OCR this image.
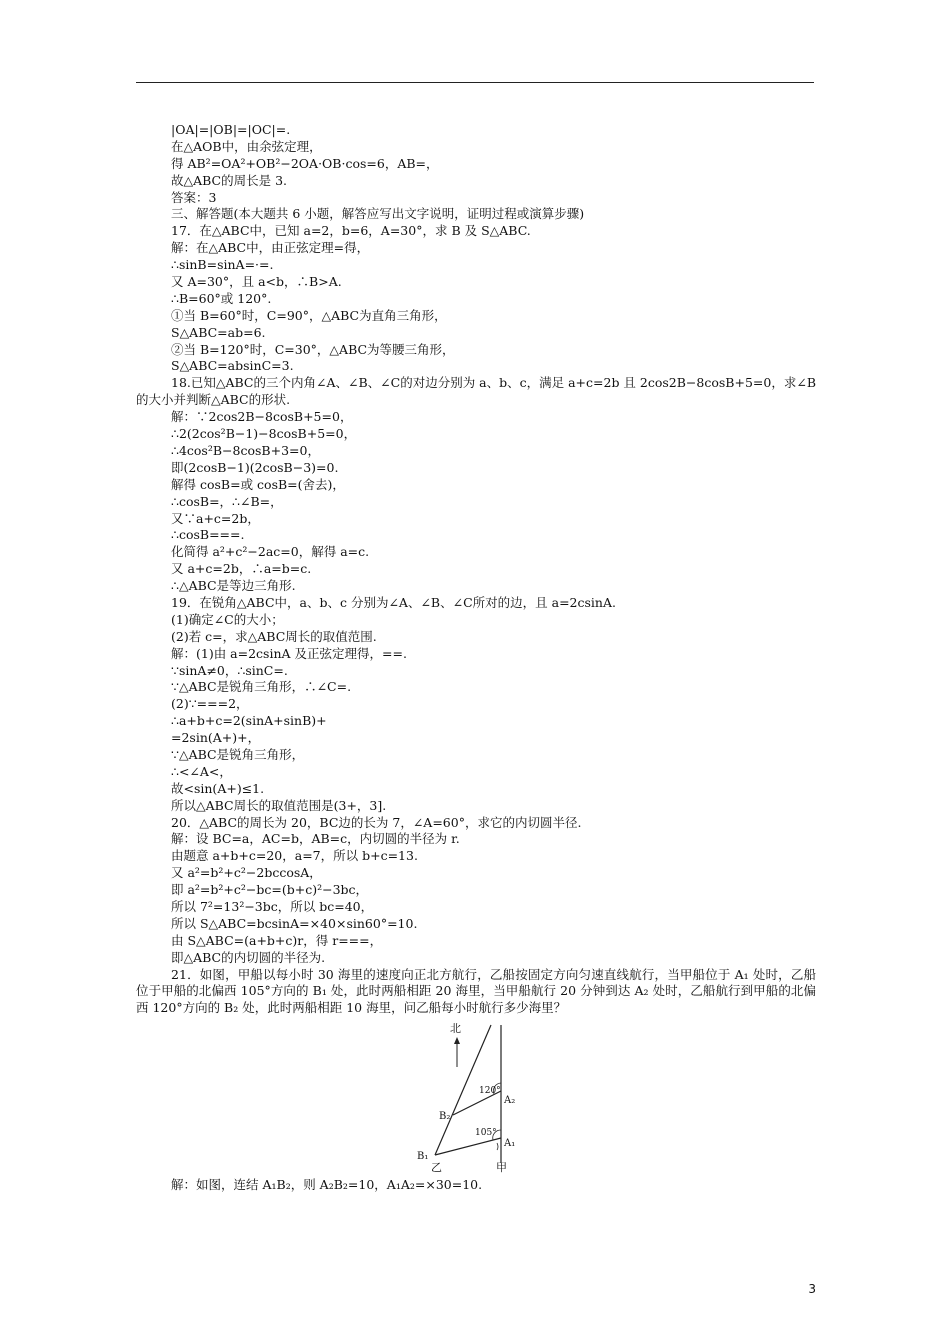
|OA|=|OB|=|OC|=.
在△AOB中，由余弦定理，
得 AB²=OA²+OB²−2OA·OB·cos=6，AB=，
故△ABC的周长是 3.
答案：3
三、解答题(本大题共 6 小题，解答应写出文字说明，证明过程或演算步骤)
17．在△ABC中，已知 a=2，b=6，A=30°，求 B 及 S△ABC.
解：在△ABC中，由正弦定理=得，
∴sinB=sinA=·=.
又 A=30°，且 a<b，∴B>A.
∴B=60°或 120°.
①当 B=60°时，C=90°，△ABC为直角三角形，
S△ABC=ab=6.
②当 B=120°时，C=30°，△ABC为等腰三角形，
S△ABC=absinC=3.
18.已知△ABC的三个内角∠A、∠B、∠C的对边分别为 a、b、c，满足 a+c=2b 且 2cos2B−8cosB+5=0，求∠B 的大小并判断△ABC的形状.
解：∵2cos2B−8cosB+5=0，
∴2(2cos²B−1)−8cosB+5=0，
∴4cos²B−8cosB+3=0，
即(2cosB−1)(2cosB−3)=0.
解得 cosB=或 cosB=(舍去)，
∴cosB=，∴∠B=，
又∵a+c=2b，
∴cosB===.
化简得 a²+c²−2ac=0，解得 a=c.
又 a+c=2b，∴a=b=c.
∴△ABC是等边三角形.
19．在锐角△ABC中，a、b、c 分别为∠A、∠B、∠C所对的边，且 a=2csinA.
(1)确定∠C的大小；
(2)若 c=，求△ABC周长的取值范围.
解：(1)由 a=2csinA 及正弦定理得，==.
∵sinA≠0，∴sinC=.
∵△ABC是锐角三角形，∴∠C=.
(2)∵===2，
∴a+b+c=2(sinA+sinB)+
=2sin(A+)+，
∵△ABC是锐角三角形，
∴<∠A<，
故<sin(A+)≤1.
所以△ABC周长的取值范围是(3+，3].
20．△ABC的周长为 20，BC边的长为 7，∠A=60°，求它的内切圆半径.
解：设 BC=a，AC=b，AB=c，内切圆的半径为 r.
由题意 a+b+c=20，a=7，所以 b+c=13.
又 a²=b²+c²−2bccosA，
即 a²=b²+c²−bc=(b+c)²−3bc，
所以 7²=13²−3bc，所以 bc=40，
所以 S△ABC=bcsinA=×40×sin60°=10.
由 S△ABC=(a+b+c)r，得 r===，
即△ABC的内切圆的半径为.
21．如图，甲船以每小时 30 海里的速度向正北方航行，乙船按固定方向匀速直线航行，当甲船位于 A₁ 处时，乙船位于甲船的北偏西 105°方向的 B₁ 处，此时两船相距 20 海里，当甲船航行 20 分钟到达 A₂ 处时，乙船航行到甲船的北偏西 120°方向的 B₂ 处，此时两船相距 10 海里，问乙船每小时航行多少海里？
北
120°
A₂
B₂
105°
A₁
B₁
乙	甲
解：如图，连结 A₁B₂，则 A₂B₂=10，A₁A₂=×30=10.
3
